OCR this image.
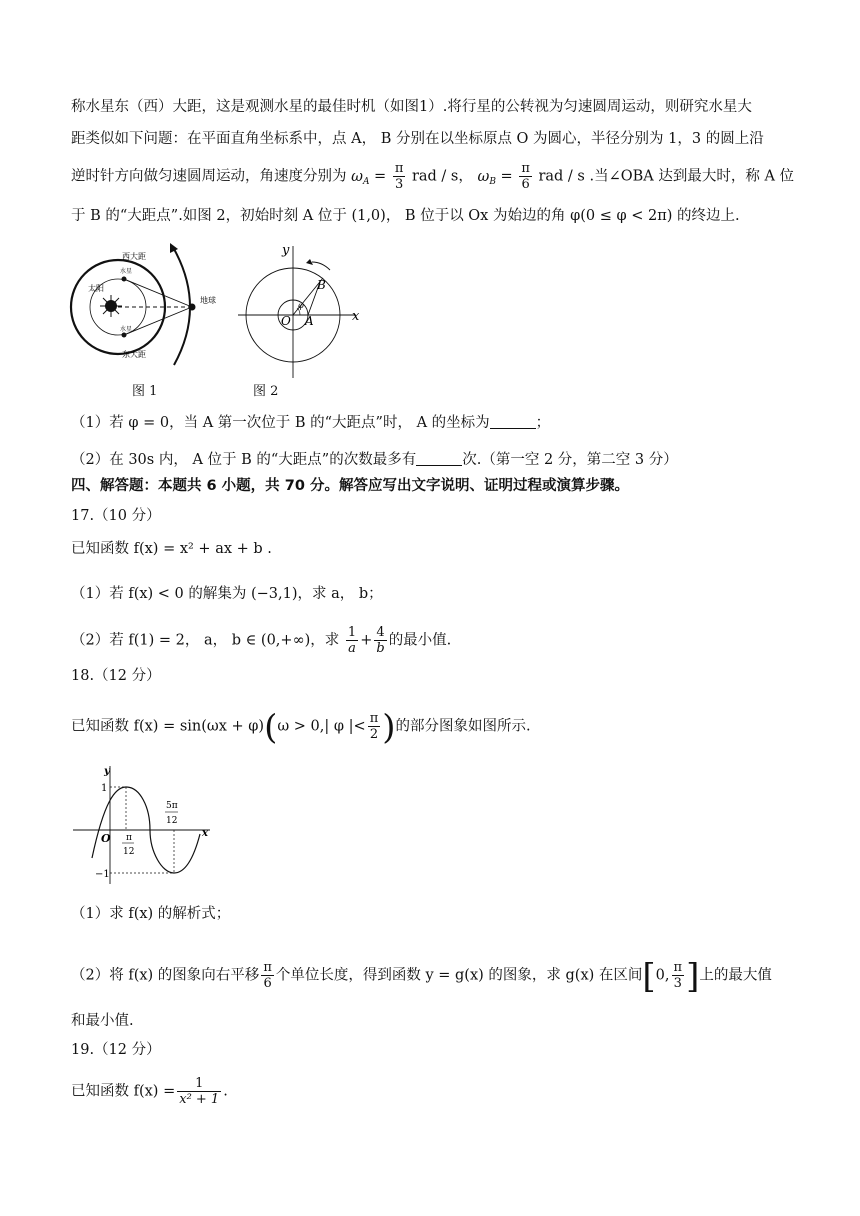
称水星东（西）大距，这是观测水星的最佳时机（如图1）.将行星的公转视为匀速圆周运动，则研究水星大
距类似如下问题：在平面直角坐标系中，点 A， B 分别在以坐标原点 O 为圆心，半径分别为 1，3 的圆上沿
逆时针方向做匀速圆周运动，角速度分别为 $\omega_A = \frac{\pi}{3}$ rad / s， $\omega_B = \frac{\pi}{6}$ rad / s .当∠OBA 达到最大时，称 A 位
于 B 的“大距点”.如图 2，初始时刻 A 位于 (1,0)， B 位于以 Ox 为始边的角 φ(0 ≤ φ < 2π) 的终边上.
西大距
东大距
太阳
地球
水星
水星
图 1
y
x
O A
B
φ
图 2
（1）若 φ = 0，当 A 第一次位于 B 的“大距点”时， A 的坐标为	；
（2）在 30s 内， A 位于 B 的“大距点”的次数最多有	次.（第一空 2 分，第二空 3 分）
四、解答题：本题共 6 小题，共 70 分。解答应写出文字说明、证明过程或演算步骤。
17.（10 分）
已知函数 f(x) = x² + ax + b .
（1）若 f(x) < 0 的解集为 (−3,1)，求 a， b；
（2）若 f(1) = 2， a， b ∈ (0,+∞)，求 $\frac{1}{a} + \frac{4}{b}$ 的最小值.
18.（12 分）
已知函数 f(x) = sin(ωx + φ)(ω > 0,| φ |< $\frac{\pi}{2}$ )的部分图象如图所示.
y
x
O
1
−1
π
12
5π
12
（1）求 f(x) 的解析式；
（2）将 f(x) 的图象向右平移 $\frac{\pi}{6}$ 个单位长度，得到函数 y = g(x) 的图象，求 g(x) 在区间[0, $\frac{\pi}{3}$ ]上的最大值
和最小值.
19.（12 分）
已知函数 $f(x) = \frac{1}{\text{x² + 1}}$ .
